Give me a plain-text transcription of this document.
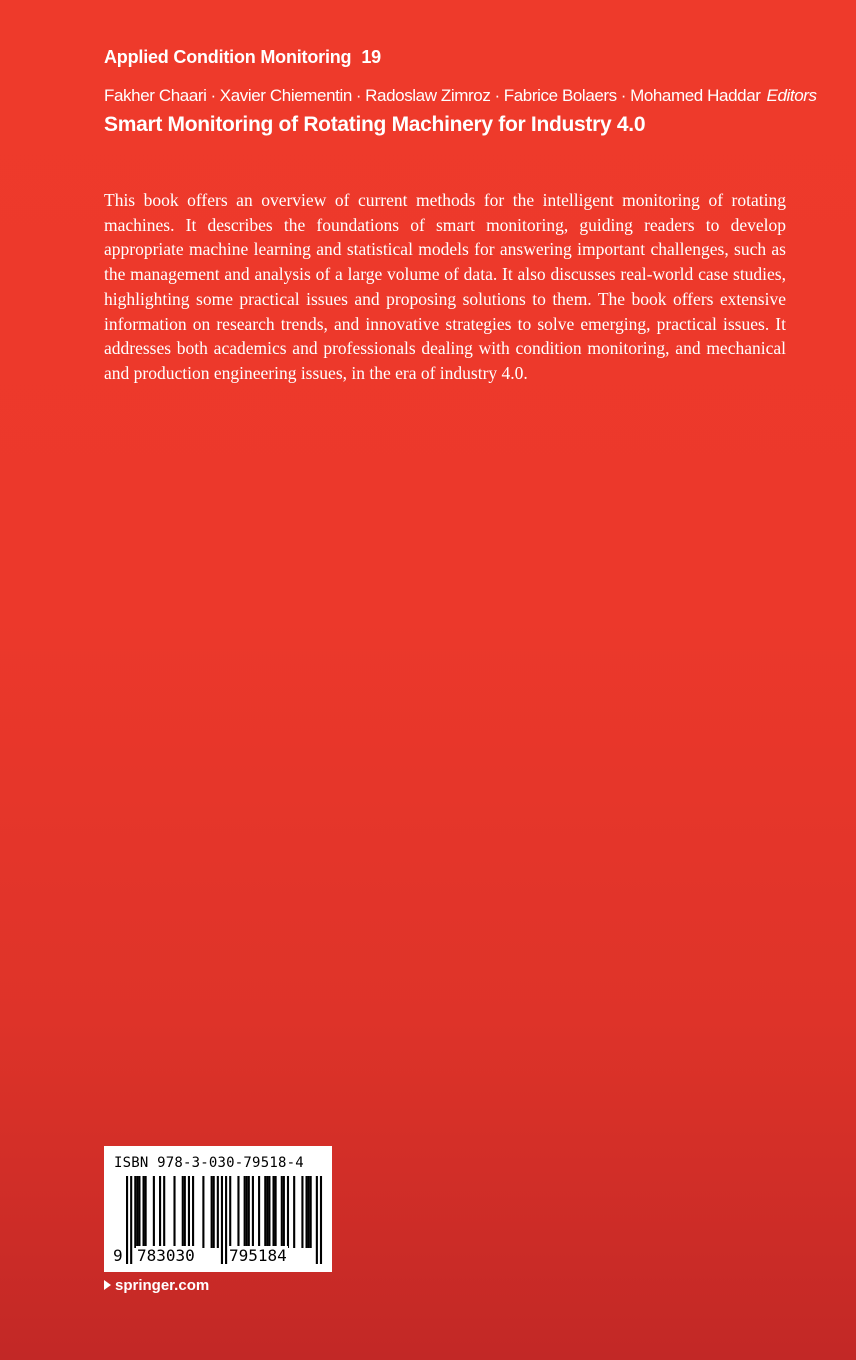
Applied Condition Monitoring 19
Fakher Chaari · Xavier Chiementin · Radoslaw Zimroz · Fabrice Bolaers · Mohamed Haddar Editors
Smart Monitoring of Rotating Machinery for Industry 4.0
This book offers an overview of current methods for the intelligent monitoring of rotating machines. It describes the foundations of smart monitoring, guiding readers to develop appropriate machine learning and statistical models for answering important challenges, such as the management and analysis of a large volume of data. It also discusses real-world case studies, highlighting some practical issues and proposing solutions to them. The book offers extensive information on research trends, and innovative strategies to solve emerging, practical issues. It addresses both academics and professionals dealing with condition monitoring, and mechanical and production engineering issues, in the era of industry 4.0.
ISBN 978-3-030-79518-4
9 783030 795184
springer.com
